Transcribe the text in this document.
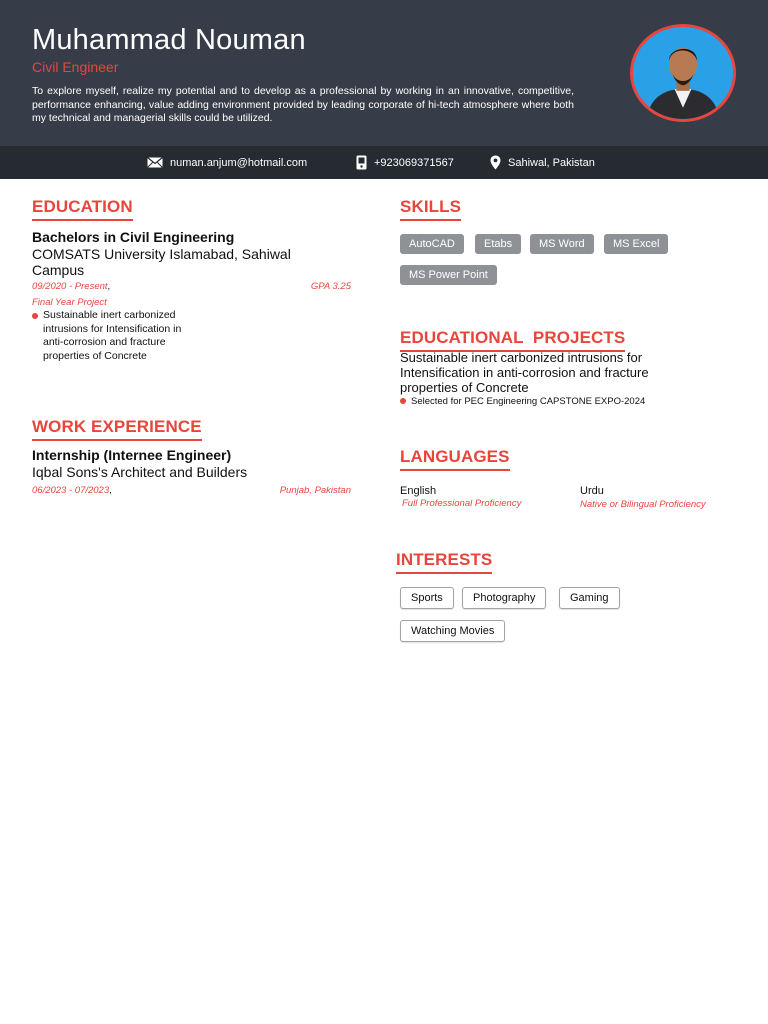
Muhammad Nouman
Civil Engineer
To explore myself, realize my potential and to develop as a professional by working in an innovative, competitive, performance enhancing, value adding environment provided by leading corporate of hi-tech atmosphere where both my technical and managerial skills could be utilized.
numan.anjum@hotmail.com	+923069371567	Sahiwal, Pakistan
EDUCATION
Bachelors in Civil Engineering
COMSATS University Islamabad, Sahiwal Campus
09/2020 - Present,	GPA 3.25
Final Year Project
Sustainable inert carbonized intrusions for Intensification in anti-corrosion and fracture properties of Concrete
WORK EXPERIENCE
Internship (Internee Engineer)
Iqbal Sons's Architect and Builders
06/2023 - 07/2023,	Punjab, Pakistan
SKILLS
AutoCAD	Etabs	MS Word	MS Excel
MS Power Point
EDUCATIONAL  PROJECTS
Sustainable inert carbonized intrusions for Intensification in anti-corrosion and fracture properties of Concrete
Selected for PEC Engineering CAPSTONE EXPO-2024
LANGUAGES
English
Full Professional Proficiency
Urdu
Native or Bilingual Proficiency
INTERESTS
Sports	Photography	Gaming
Watching Movies
